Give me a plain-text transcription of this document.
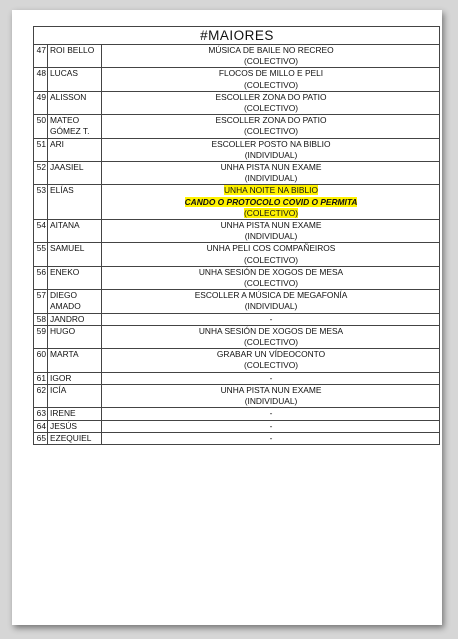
#MAIORES		
47	ROI BELLO	MÚSICA DE BAILE NO RECREO
(COLECTIVO)

48	LUCAS	FLOCOS DE MILLO E PELI
(COLECTIVO)

49	ALISSON	ESCOLLER ZONA DO PATIO
(COLECTIVO)

50	MATEO GÓMEZ T.	ESCOLLER ZONA DO PATIO
(COLECTIVO)

51	ARI	ESCOLLER POSTO NA BIBLIO
(INDIVIDUAL)

52	JAASIEL	UNHA PISTA NUN EXAME
(INDIVIDUAL)

53	ELÍAS	UNHA NOITE NA BIBLIO
CANDO O PROTOCOLO COVID O PERMITA
(COLECTIVO)

54	AITANA	UNHA PISTA NUN EXAME
(INDIVIDUAL)

55	SAMUEL	UNHA PELI COS COMPAÑEIROS
(COLECTIVO)

56	ENEKO	UNHA SESIÓN DE XOGOS DE MESA
(COLECTIVO)

57	DIEGO AMADO	ESCOLLER A MÚSICA DE MEGAFONÍA
(INDIVIDUAL)

58	JANDRO	-

59	HUGO	UNHA SESIÓN DE XOGOS DE MESA
(COLECTIVO)

60	MARTA	GRABAR UN VÍDEOCONTO
(COLECTIVO)

61	IGOR	-

62	ICÍA	UNHA PISTA NUN EXAME
(INDIVIDUAL)

63	IRENE	-

64	JESÚS	-

65	EZEQUIEL	-
